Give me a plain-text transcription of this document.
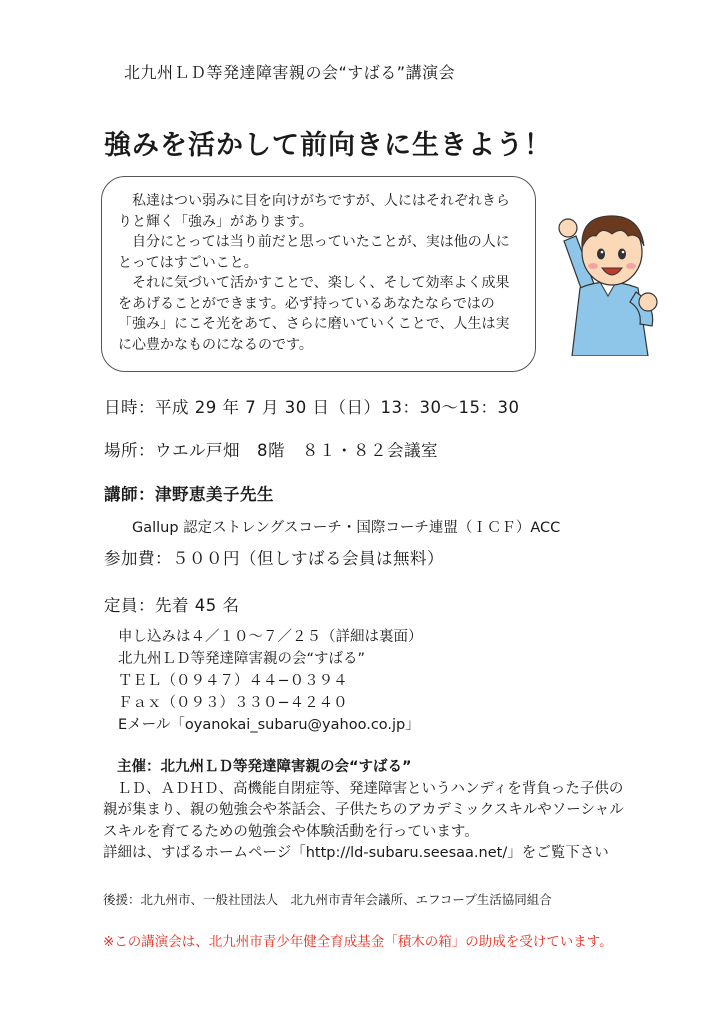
北九州ＬＤ等発達障害親の会“すばる”講演会
強みを活かして前向きに生きよう！

　私達はつい弱みに目を向けがちですが、人にはそれぞれきらりと輝く「強み」があります。

　自分にとっては当り前だと思っていたことが、実は他の人にとってはすごいこと。

　それに気づいて活かすことで、楽しく、そして効率よく成果をあげることができます。必ず持っているあなたならではの「強み」にこそ光をあて、さらに磨いていくことで、人生は実に心豊かなものになるのです。

日時：平成 29 年 7 月 30 日（日）13：30〜15：30
場所：ウエル戸畑　8階　８１・８２会議室
講師：津野恵美子先生
Gallup 認定ストレングスコーチ・国際コーチ連盟（ＩＣＦ）ACC
参加費：５００円（但しすばる会員は無料）
定員：先着 45 名
申し込みは４／１０〜７／２５（詳細は裏面）
北九州ＬＤ等発達障害親の会“すばる”
ＴＥＬ（０９４７）４４−０３９４
Ｆａｘ（０９３）３３０−４２４０
Eメール「oyanokai_subaru@yahoo.co.jp」
主催：北九州ＬＤ等発達障害親の会“すばる”
ＬＤ、ＡＤＨＤ、高機能自閉症等、発達障害というハンディを背負った子供の親が集まり、親の勉強会や茶話会、子供たちのアカデミックスキルやソーシャルスキルを育てるための勉強会や体験活動を行っています。
詳細は、すばるホームページ「http://ld-subaru.seesaa.net/」をご覧下さい
後援：北九州市、一般社団法人　北九州市青年会議所、エフコープ生活協同組合
※この講演会は、北九州市青少年健全育成基金「積木の箱」の助成を受けています。
